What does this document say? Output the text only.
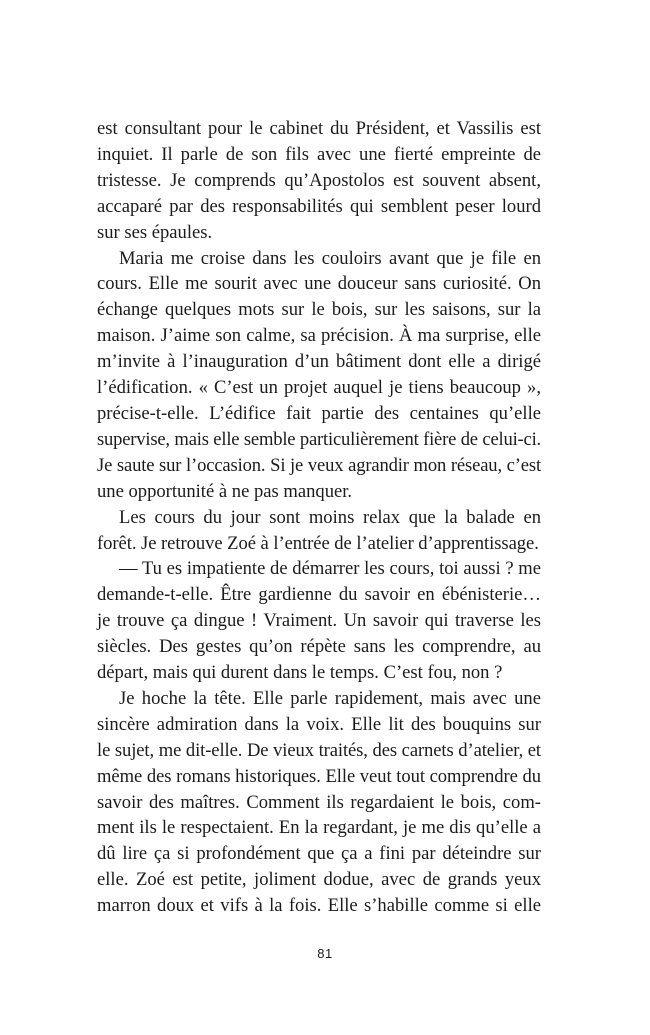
est consultant pour le cabinet du Président, et Vassilis est
inquiet. Il parle de son fils avec une fierté empreinte de
tristesse. Je comprends qu’Apostolos est souvent absent,
accaparé par des responsabilités qui semblent peser lourd
sur ses épaules.

Maria me croise dans les couloirs avant que je file en
cours. Elle me sourit avec une douceur sans curiosité. On
échange quelques mots sur le bois, sur les saisons, sur la
maison. J’aime son calme, sa précision. À ma surprise, elle
m’invite à l’inauguration d’un bâtiment dont elle a dirigé
l’édification. « C’est un projet auquel je tiens beaucoup »,
précise-t-elle. L’édifice fait partie des centaines qu’elle
supervise, mais elle semble particulièrement fière de celui-ci.
Je saute sur l’occasion. Si je veux agrandir mon réseau, c’est
une opportunité à ne pas manquer.

Les cours du jour sont moins relax que la balade en
forêt. Je retrouve Zoé à l’entrée de l’atelier d’apprentissage.

— Tu es impatiente de démarrer les cours, toi aussi ? me
demande-t-elle. Être gardienne du savoir en ébénisterie…
je trouve ça dingue ! Vraiment. Un savoir qui traverse les
siècles. Des gestes qu’on répète sans les comprendre, au
départ, mais qui durent dans le temps. C’est fou, non ?

Je hoche la tête. Elle parle rapidement, mais avec une
sincère admiration dans la voix. Elle lit des bouquins sur
le sujet, me dit-elle. De vieux traités, des carnets d’atelier, et
même des romans historiques. Elle veut tout comprendre du
savoir des maîtres. Comment ils regardaient le bois, com-
ment ils le respectaient. En la regardant, je me dis qu’elle a
dû lire ça si profondément que ça a fini par déteindre sur
elle. Zoé est petite, joliment dodue, avec de grands yeux
marron doux et vifs à la fois. Elle s’habille comme si elle

81
